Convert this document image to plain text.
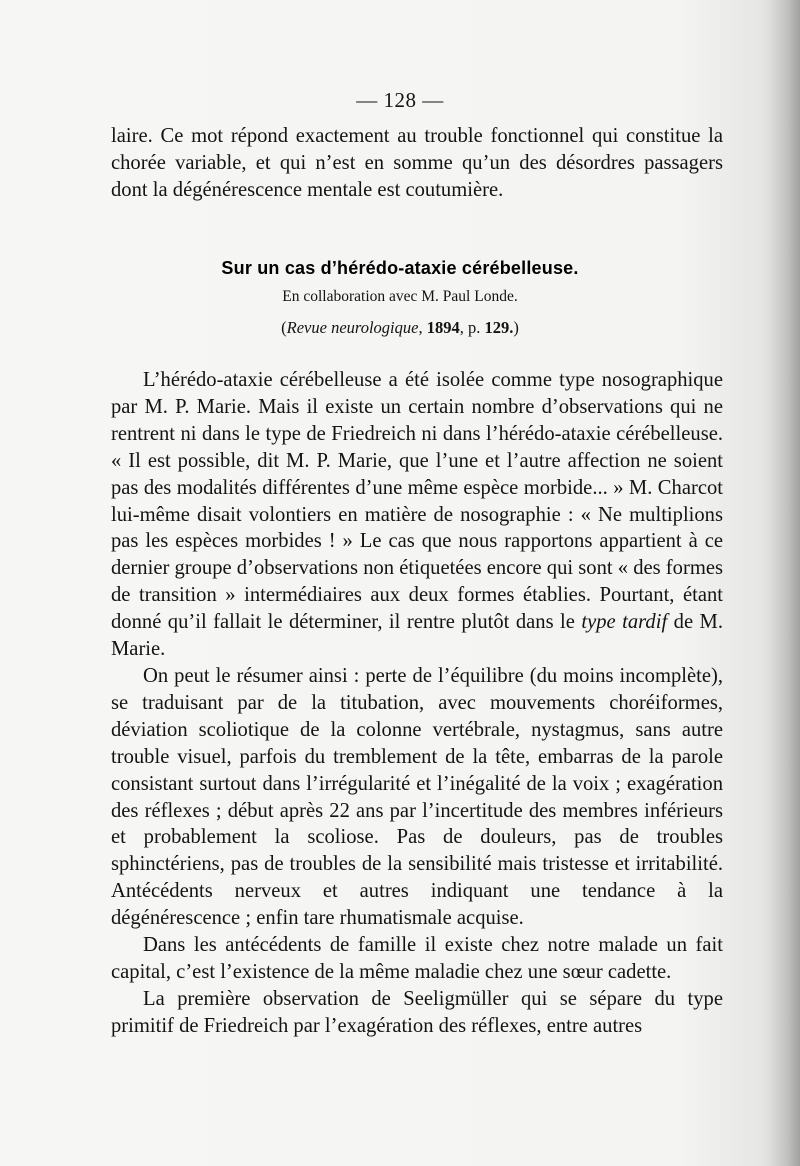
— 128 —

laire. Ce mot répond exactement au trouble fonctionnel qui constitue la chorée variable, et qui n’est en somme qu’un des désordres passagers dont la dégénérescence mentale est coutumière.

Sur un cas d’hérédo-ataxie cérébelleuse.
En collaboration avec M. Paul Londe.
(Revue neurologique, 1894, p. 129.)

L’hérédo-ataxie cérébelleuse a été isolée comme type nosographique par M. P. Marie. Mais il existe un certain nombre d’observations qui ne rentrent ni dans le type de Friedreich ni dans l’hérédo-ataxie cérébelleuse. « Il est possible, dit M. P. Marie, que l’une et l’autre affection ne soient pas des modalités différentes d’une même espèce morbide... » M. Charcot lui-même disait volontiers en matière de nosographie : « Ne multiplions pas les espèces morbides ! » Le cas que nous rapportons appartient à ce dernier groupe d’observations non étiquetées encore qui sont « des formes de transition » intermédiaires aux deux formes établies. Pourtant, étant donné qu’il fallait le déterminer, il rentre plutôt dans le type tardif de M. Marie.

On peut le résumer ainsi : perte de l’équilibre (du moins incomplète), se traduisant par de la titubation, avec mouvements choréiformes, déviation scoliotique de la colonne vertébrale, nystagmus, sans autre trouble visuel, parfois du tremblement de la tête, embarras de la parole consistant surtout dans l’irrégularité et l’inégalité de la voix ; exagération des réflexes ; début après 22 ans par l’incertitude des membres inférieurs et probablement la scoliose. Pas de douleurs, pas de troubles sphinctériens, pas de troubles de la sensibilité mais tristesse et irritabilité. Antécédents nerveux et autres indiquant une tendance à la dégénérescence ; enfin tare rhumatismale acquise.

Dans les antécédents de famille il existe chez notre malade un fait capital, c’est l’existence de la même maladie chez une sœur cadette.

La première observation de Seeligmüller qui se sépare du type primitif de Friedreich par l’exagération des réflexes, entre autres
